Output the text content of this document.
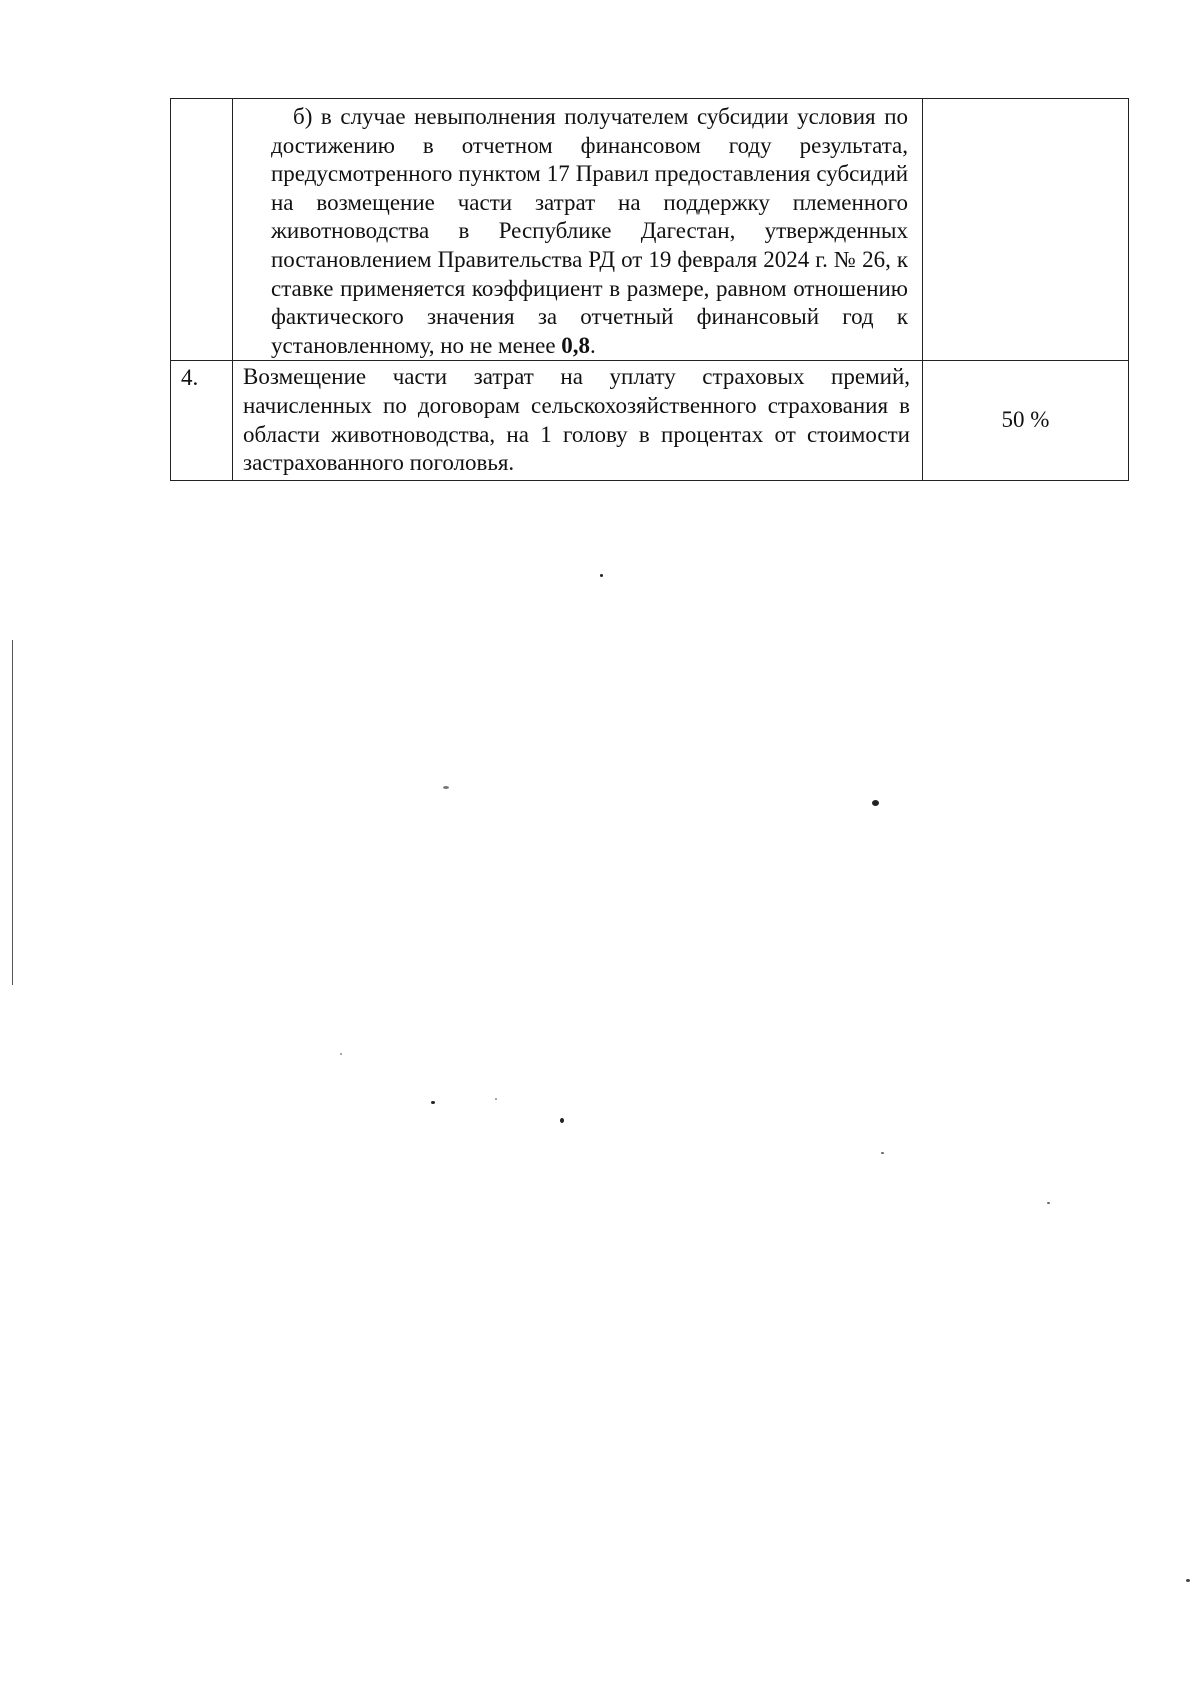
	б) в случае невыполнения получателем субсидии условия по достижению в отчетном финансовом году результата, предусмотренного пунктом 17 Правил предоставления субсидий на возмещение части затрат на поддержку племенного животноводства в Республике Дагестан, утвержденных постановлением Правительства РД от 19 февраля 2024 г. № 26, к ставке применяется коэффициент в размере, равном отношению фактического значения за отчетный финансовый год к установленному, но не менее 0,8.	

4.	Возмещение части затрат на уплату страховых премий, начисленных по договорам сельскохозяйственного страхования в области животноводства, на 1 голову в процентах от стоимости застрахованного поголовья.	50 %
